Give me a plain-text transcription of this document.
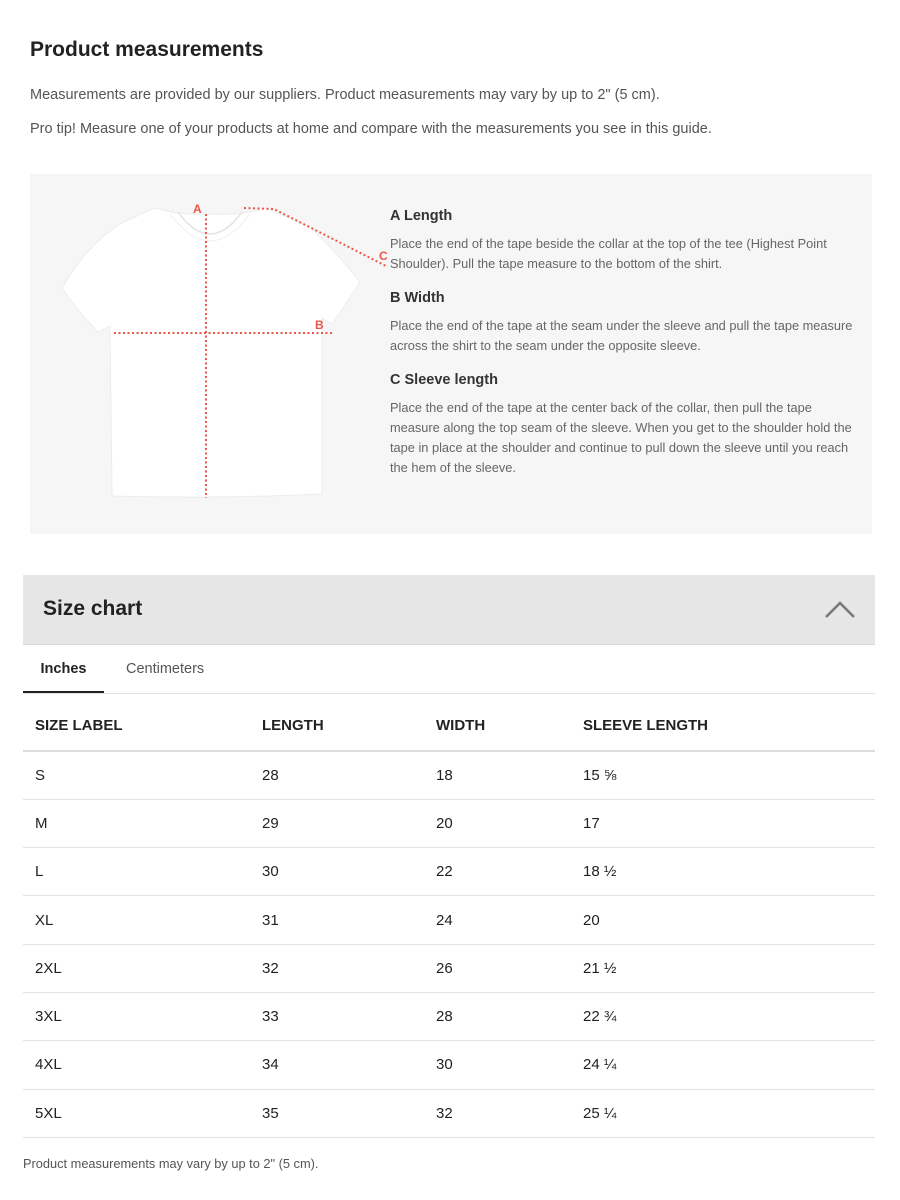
Product measurements

Measurements are provided by our suppliers. Product measurements may vary by up to 2" (5 cm).

Pro tip! Measure one of your products at home and compare with the measurements you see in this guide.

A
B
C
A Length
Place the end of the tape beside the collar at the top of the tee (Highest Point Shoulder). Pull the tape measure to the bottom of the shirt.
B Width
Place the end of the tape at the seam under the sleeve and pull the tape measure across the shirt to the seam under the opposite sleeve.
C Sleeve length
Place the end of the tape at the center back of the collar, then pull the tape measure along the top seam of the sleeve. When you get to the shoulder hold the tape in place at the shoulder and continue to pull down the sleeve until you reach the hem of the sleeve.
Size chart
Inches	Centimeters
SIZE LABEL	LENGTH	WIDTH	SLEEVE LENGTH
S	28	18	15 ⅝
M	29	20	17
L	30	22	18 ½
XL	31	24	20
2XL	32	26	21 ½
3XL	33	28	22 ¾
4XL	34	30	24 ¼
5XL	35	32	25 ¼
Product measurements may vary by up to 2" (5 cm).
